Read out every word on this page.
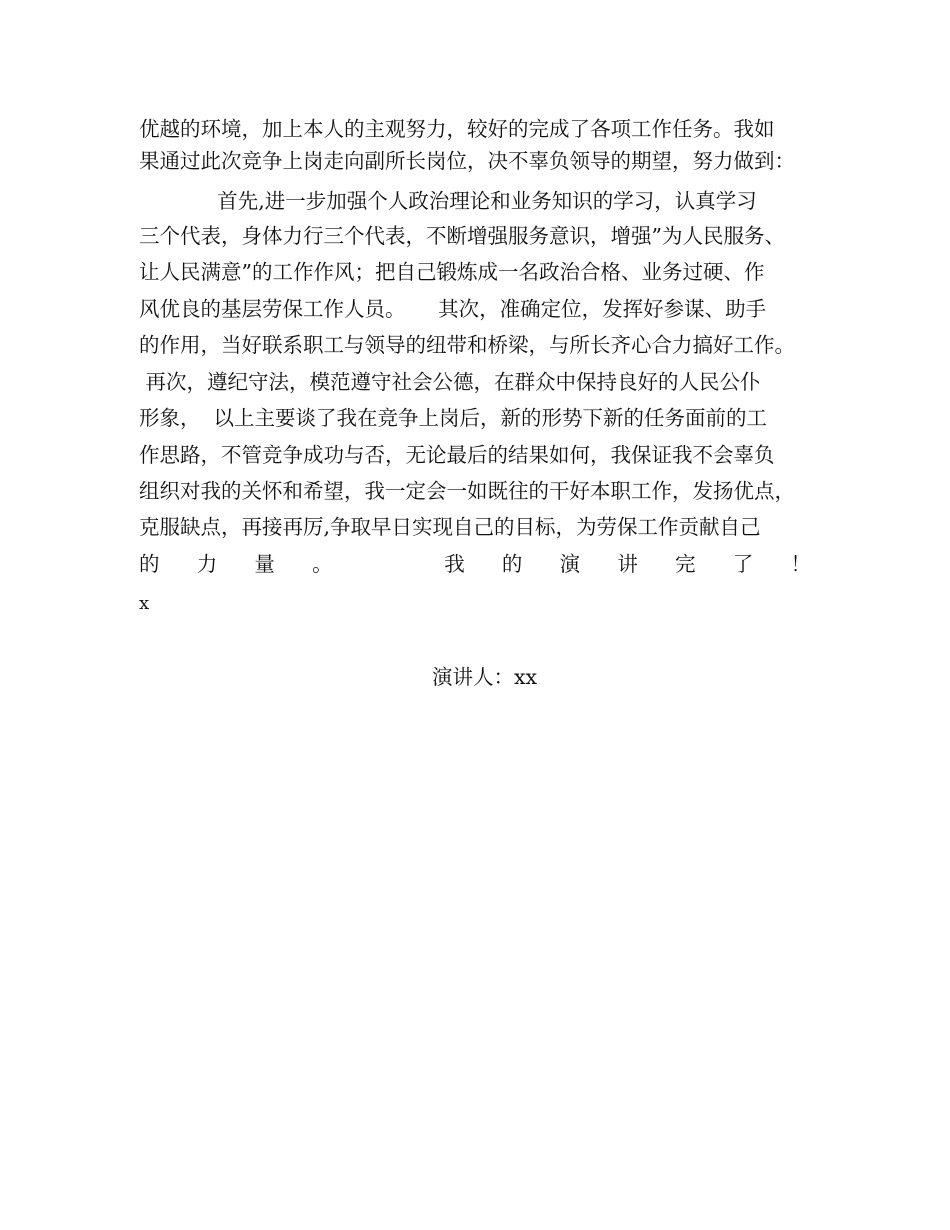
优越的环境，加上本人的主观努力，较好的完成了各项工作任务。我如
果通过此次竞争上岗走向副所长岗位，决不辜负领导的期望，努力做到：
首先,进一步加强个人政治理论和业务知识的学习，认真学习
三个代表，身体力行三个代表，不断增强服务意识，增强”为人民服务、
让人民满意”的工作作风；把自己锻炼成一名政治合格、业务过硬、作
风优良的基层劳保工作人员。     其次，准确定位，发挥好参谋、助手
的作用，当好联系职工与领导的纽带和桥梁，与所长齐心合力搞好工作。
再次，遵纪守法，模范遵守社会公德，在群众中保持良好的人民公仆
形象，  以上主要谈了我在竞争上岗后，新的形势下新的任务面前的工
作思路，不管竞争成功与否，无论最后的结果如何，我保证我不会辜负
组织对我的关怀和希望，我一定会一如既往的干好本职工作，发扬优点，
克服缺点，再接再厉,争取早日实现自己的目标，为劳保工作贡献自己
的 力 量 。	我 的 演 讲 完 了 ！
x
演讲人：xx
